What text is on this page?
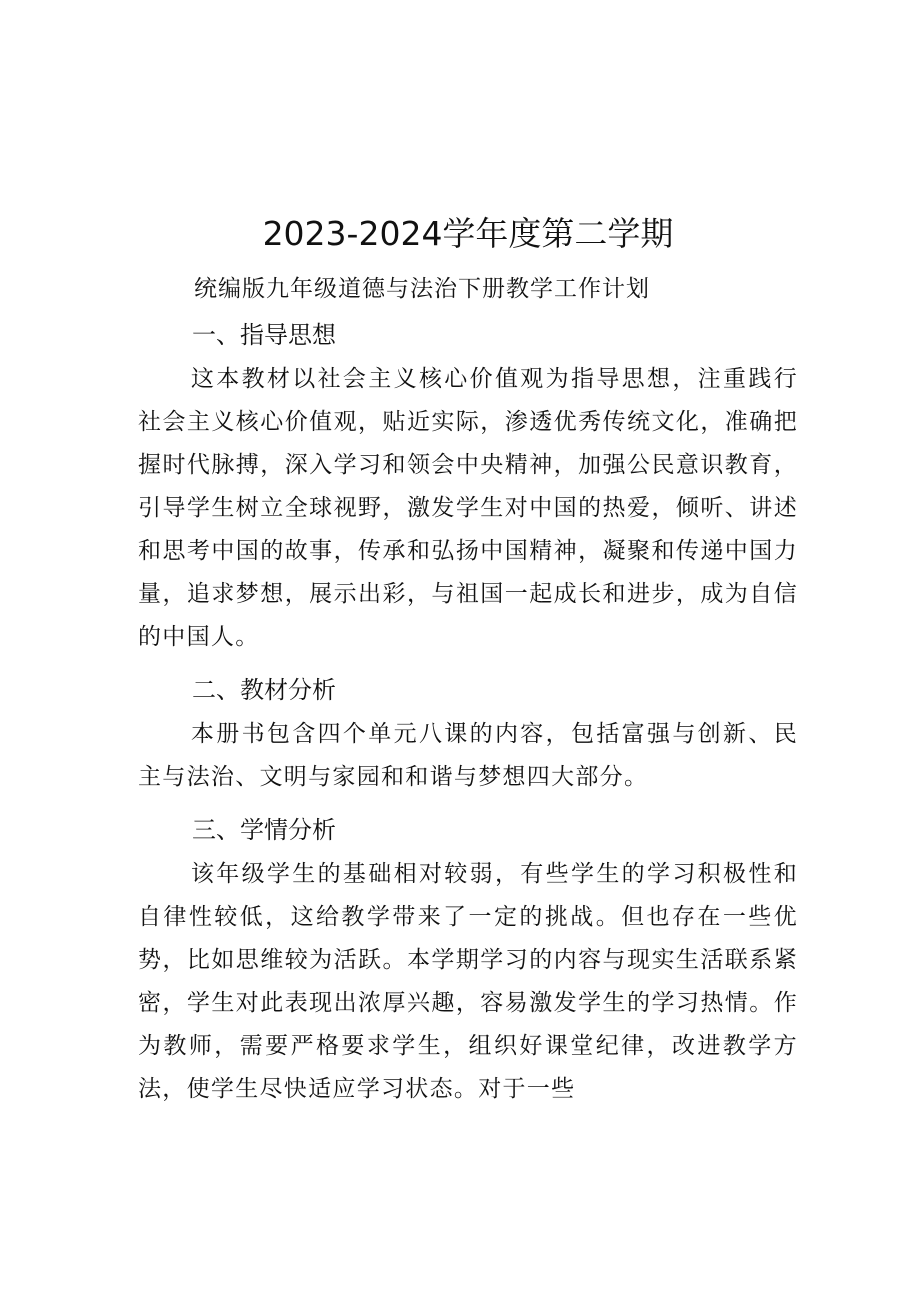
2023-2024学年度第二学期
统编版九年级道德与法治下册教学工作计划
一、指导思想

这本教材以社会主义核心价值观为指导思想，注重践行社会主义核心价值观，贴近实际，渗透优秀传统文化，准确把握时代脉搏，深入学习和领会中央精神，加强公民意识教育，引导学生树立全球视野，激发学生对中国的热爱，倾听、讲述和思考中国的故事，传承和弘扬中国精神，凝聚和传递中国力量，追求梦想，展示出彩，与祖国一起成长和进步，成为自信的中国人。

二、教材分析

本册书包含四个单元八课的内容，包括富强与创新、民主与法治、文明与家园和和谐与梦想四大部分。

三、学情分析

该年级学生的基础相对较弱，有些学生的学习积极性和自律性较低，这给教学带来了一定的挑战。但也存在一些优势，比如思维较为活跃。本学期学习的内容与现实生活联系紧密，学生对此表现出浓厚兴趣，容易激发学生的学习热情。作为教师，需要严格要求学生，组织好课堂纪律，改进教学方法，使学生尽快适应学习状态。对于一些
